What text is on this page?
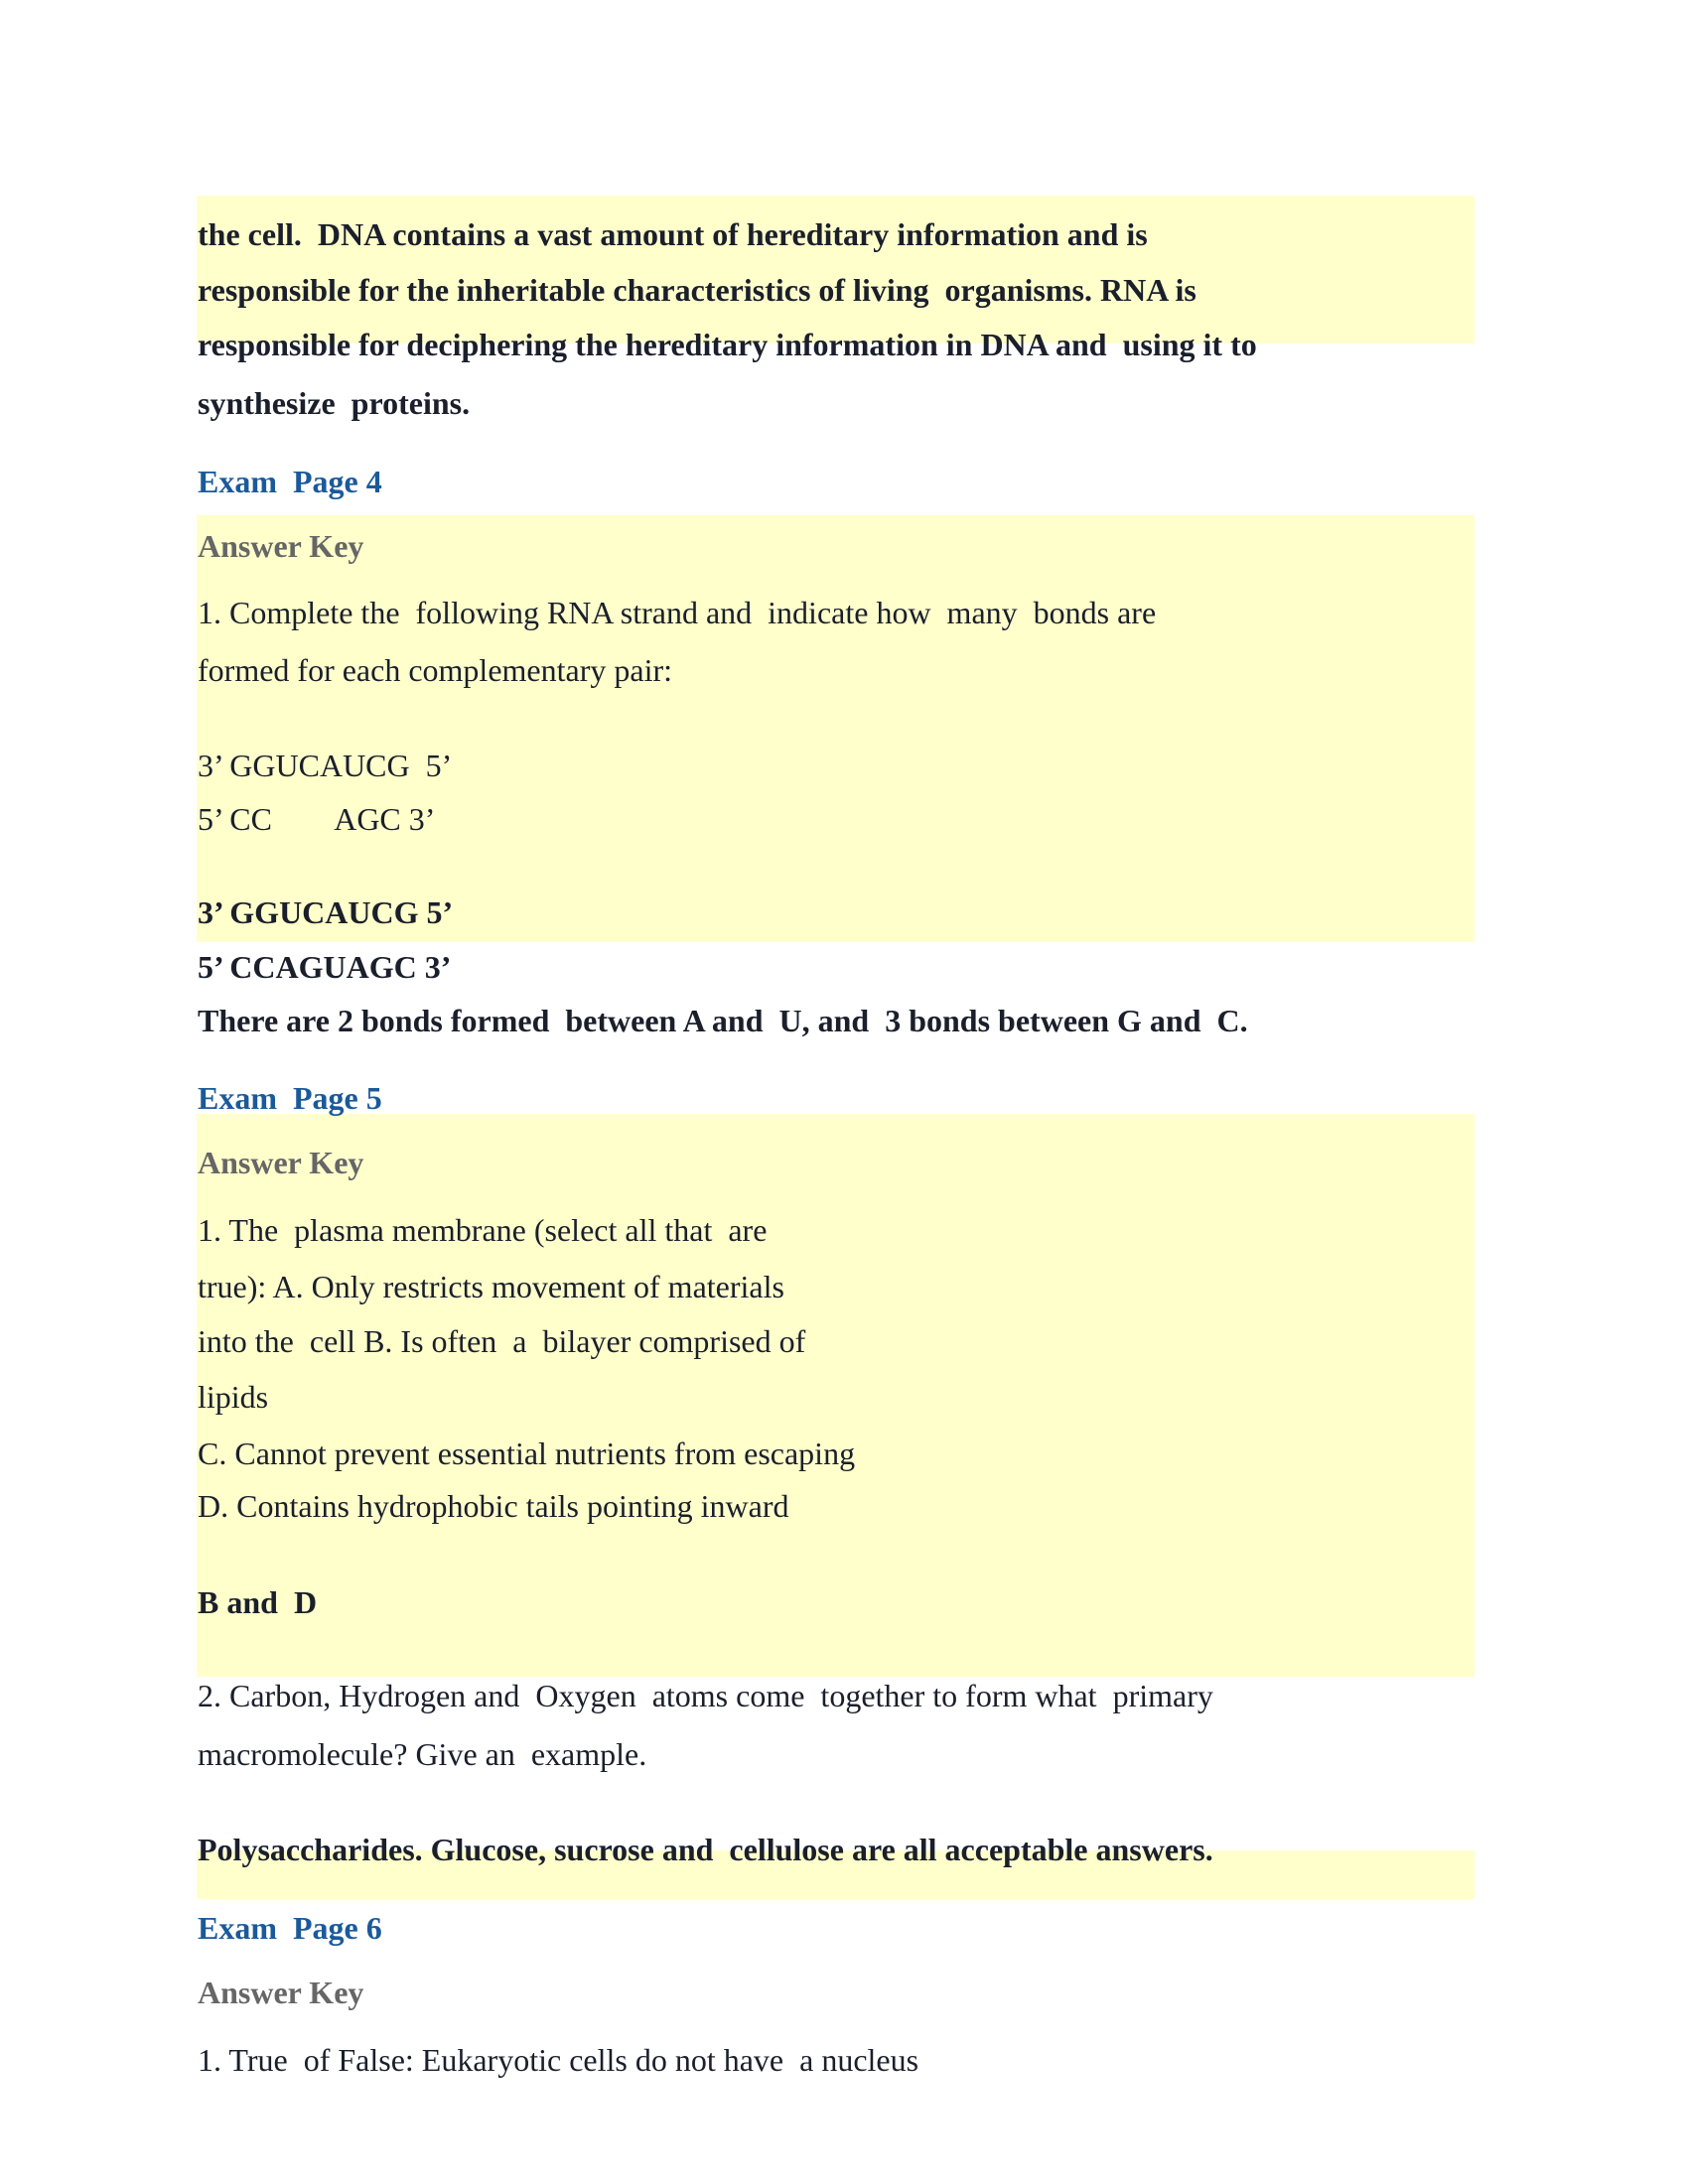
the cell.  DNA contains a vast amount of hereditary information and is
responsible for the inheritable characteristics of living  organisms. RNA is
responsible for deciphering the hereditary information in DNA and  using it to
synthesize  proteins.
Exam  Page 4
Answer Key
1. Complete the  following RNA strand and  indicate how  many  bonds are
formed for each complementary pair:
3’ GGUCAUCG  5’
5’ CC        AGC 3’
3’ GGUCAUCG 5’
5’ CCAGUAGC 3’
There are 2 bonds formed  between A and  U, and  3 bonds between G and  C.
Exam  Page 5
Answer Key
1. The  plasma membrane (select all that  are
true): A. Only restricts movement of materials
into the  cell B. Is often  a  bilayer comprised of
lipids
C. Cannot prevent essential nutrients from escaping
D. Contains hydrophobic tails pointing inward
B and  D
2. Carbon, Hydrogen and  Oxygen  atoms come  together to form what  primary
macromolecule? Give an  example.
Polysaccharides. Glucose, sucrose and  cellulose are all acceptable answers.
Exam  Page 6
Answer Key
1. True  of False: Eukaryotic cells do not have  a nucleus
